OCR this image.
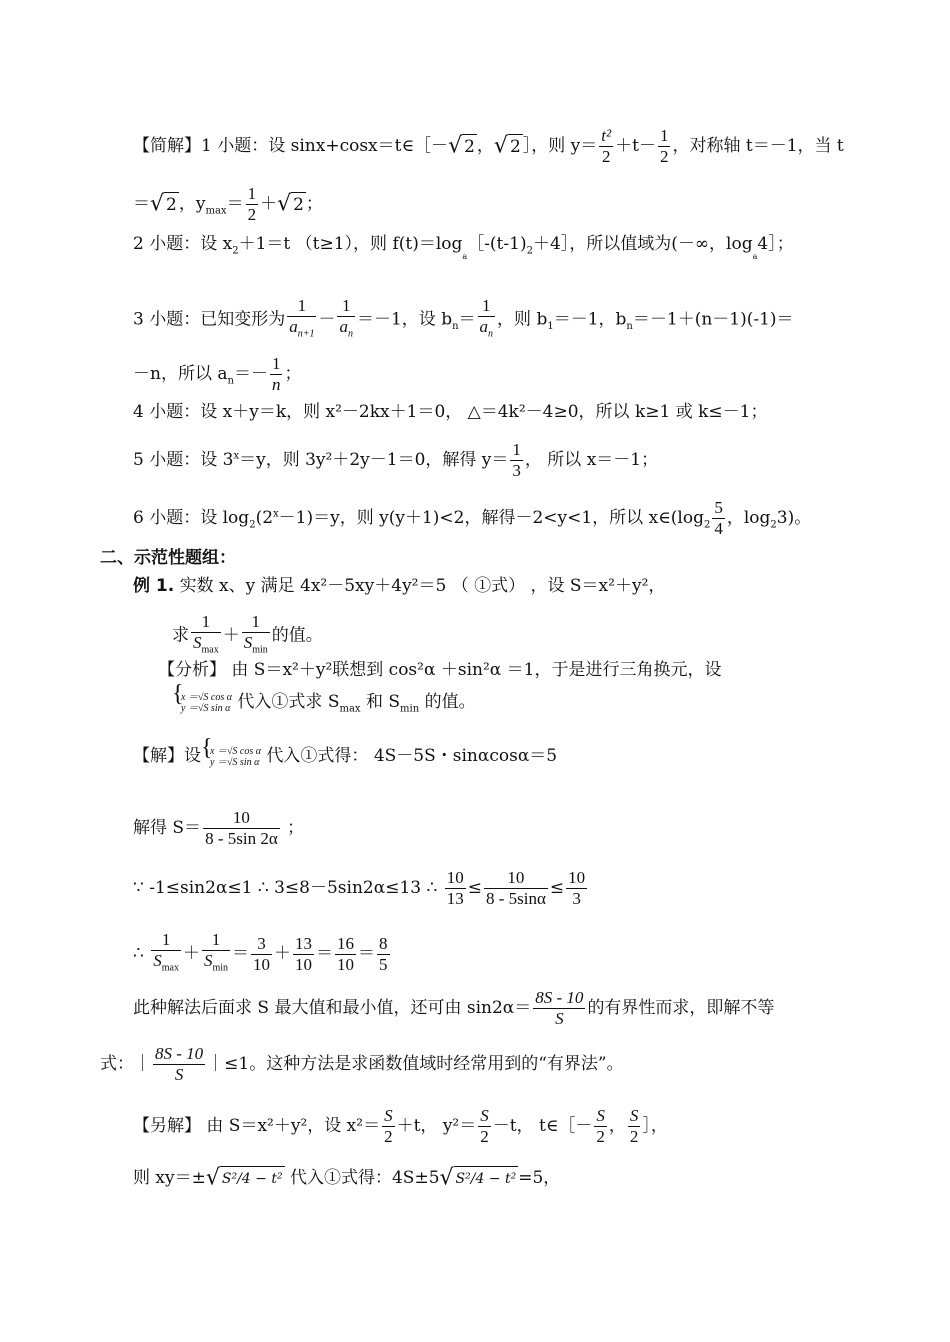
【简解】1 小题：设 sinx+cosx＝t∈［－√ 2 ，√ 2 ］，则 $y= \frac{\text{t²}}{2} +t- \frac{1}{2}$ ，对称轴 t＝－1，当 t
＝√ 2 ，$y_{max}= \frac{1}{2}$ ＋√ 2 ；
2 小题：设 $x_2+1=t$ （t≥1），则 $f(t)=\log_a[-(t-1)_2+4]$，所以值域为(－∞，$\log_a4]$；
3 小题：已知变形为 $\frac{1}{a_{n+1}} - \frac{1}{a_n} =-1$，设 $b_n= \frac{1}{a_n}$ ，则 $b_1=-1$，$b_n=-1+(n-1)(-1)=$
－n，所以 $a_n=- \frac{1}{n}$ ；
4 小题：设 x＋y＝k，则 x²－2kx＋1＝0， △＝4k²－4≥0，所以 k≥1 或 k≤－1；
5 小题：设 $3^x=y$，则 3y²＋2y－1＝0，解得 $y= \frac{1}{3}$ ， 所以 x＝－1；
6 小题：设 $\log_2(2^x-1)=y$，则 y(y＋1)<2，解得－2<y<1，所以 $x\in(\log_2 \frac{5}{4}$ ，$\log_23$)。
二、示范性题组：
例 1. 实数 x、y 满足 4x²－5xy＋4y²＝5 （ ①式） ，设 S＝x²＋y²，
求
1
$S_{max}$
＋
1
$S_{min}$
的值。
【分析】 由 S＝x²＋y²联想到 cos²α ＋sin²α ＝1，于是进行三角换元，设
{ x ＝√S cos α
y ＝√S sin α 代入①式求 $S_{max}$ 和 $S_{min}$ 的值。
【解】设
{ x ＝√S cos α
y ＝√S sin α 代入①式得： 4S－5S・sinαcosα＝5
解得 $S= \frac{10}{8 - 5\sin 2\alpha}$ ；
∵ -1≤sin2α≤1 ∴ 3≤8－5sin2α≤13 ∴ $\frac{10}{13} \le \frac{10}{8 - 5\sin\alpha} \le \frac{10}{3}$
∴
1
$S_{max}$
＋
1
$S_{min}$
＝ $\frac{3}{10} + \frac{13}{10} = \frac{16}{10} = \frac{8}{5}$
此种解法后面求 S 最大值和最小值，还可由 $\sin 2\alpha= \frac{8S - 10}{S}$ 的有界性而求，即解不等
式：｜ $\frac{8S - 10}{S}$ ｜≤1。这种方法是求函数值域时经常用到的“有界法”。
【另解】 由 S＝x²＋y²，设 $x^2= \frac{S}{2} +t$， $y^2= \frac{S}{2} -t$， t∈［－ $\frac{S}{2}$ ， $\frac{S}{2}$ ］，
则 xy＝±√ S²/4 − t² 代入①式得：4S±5√ S²/4 − t² =5，
